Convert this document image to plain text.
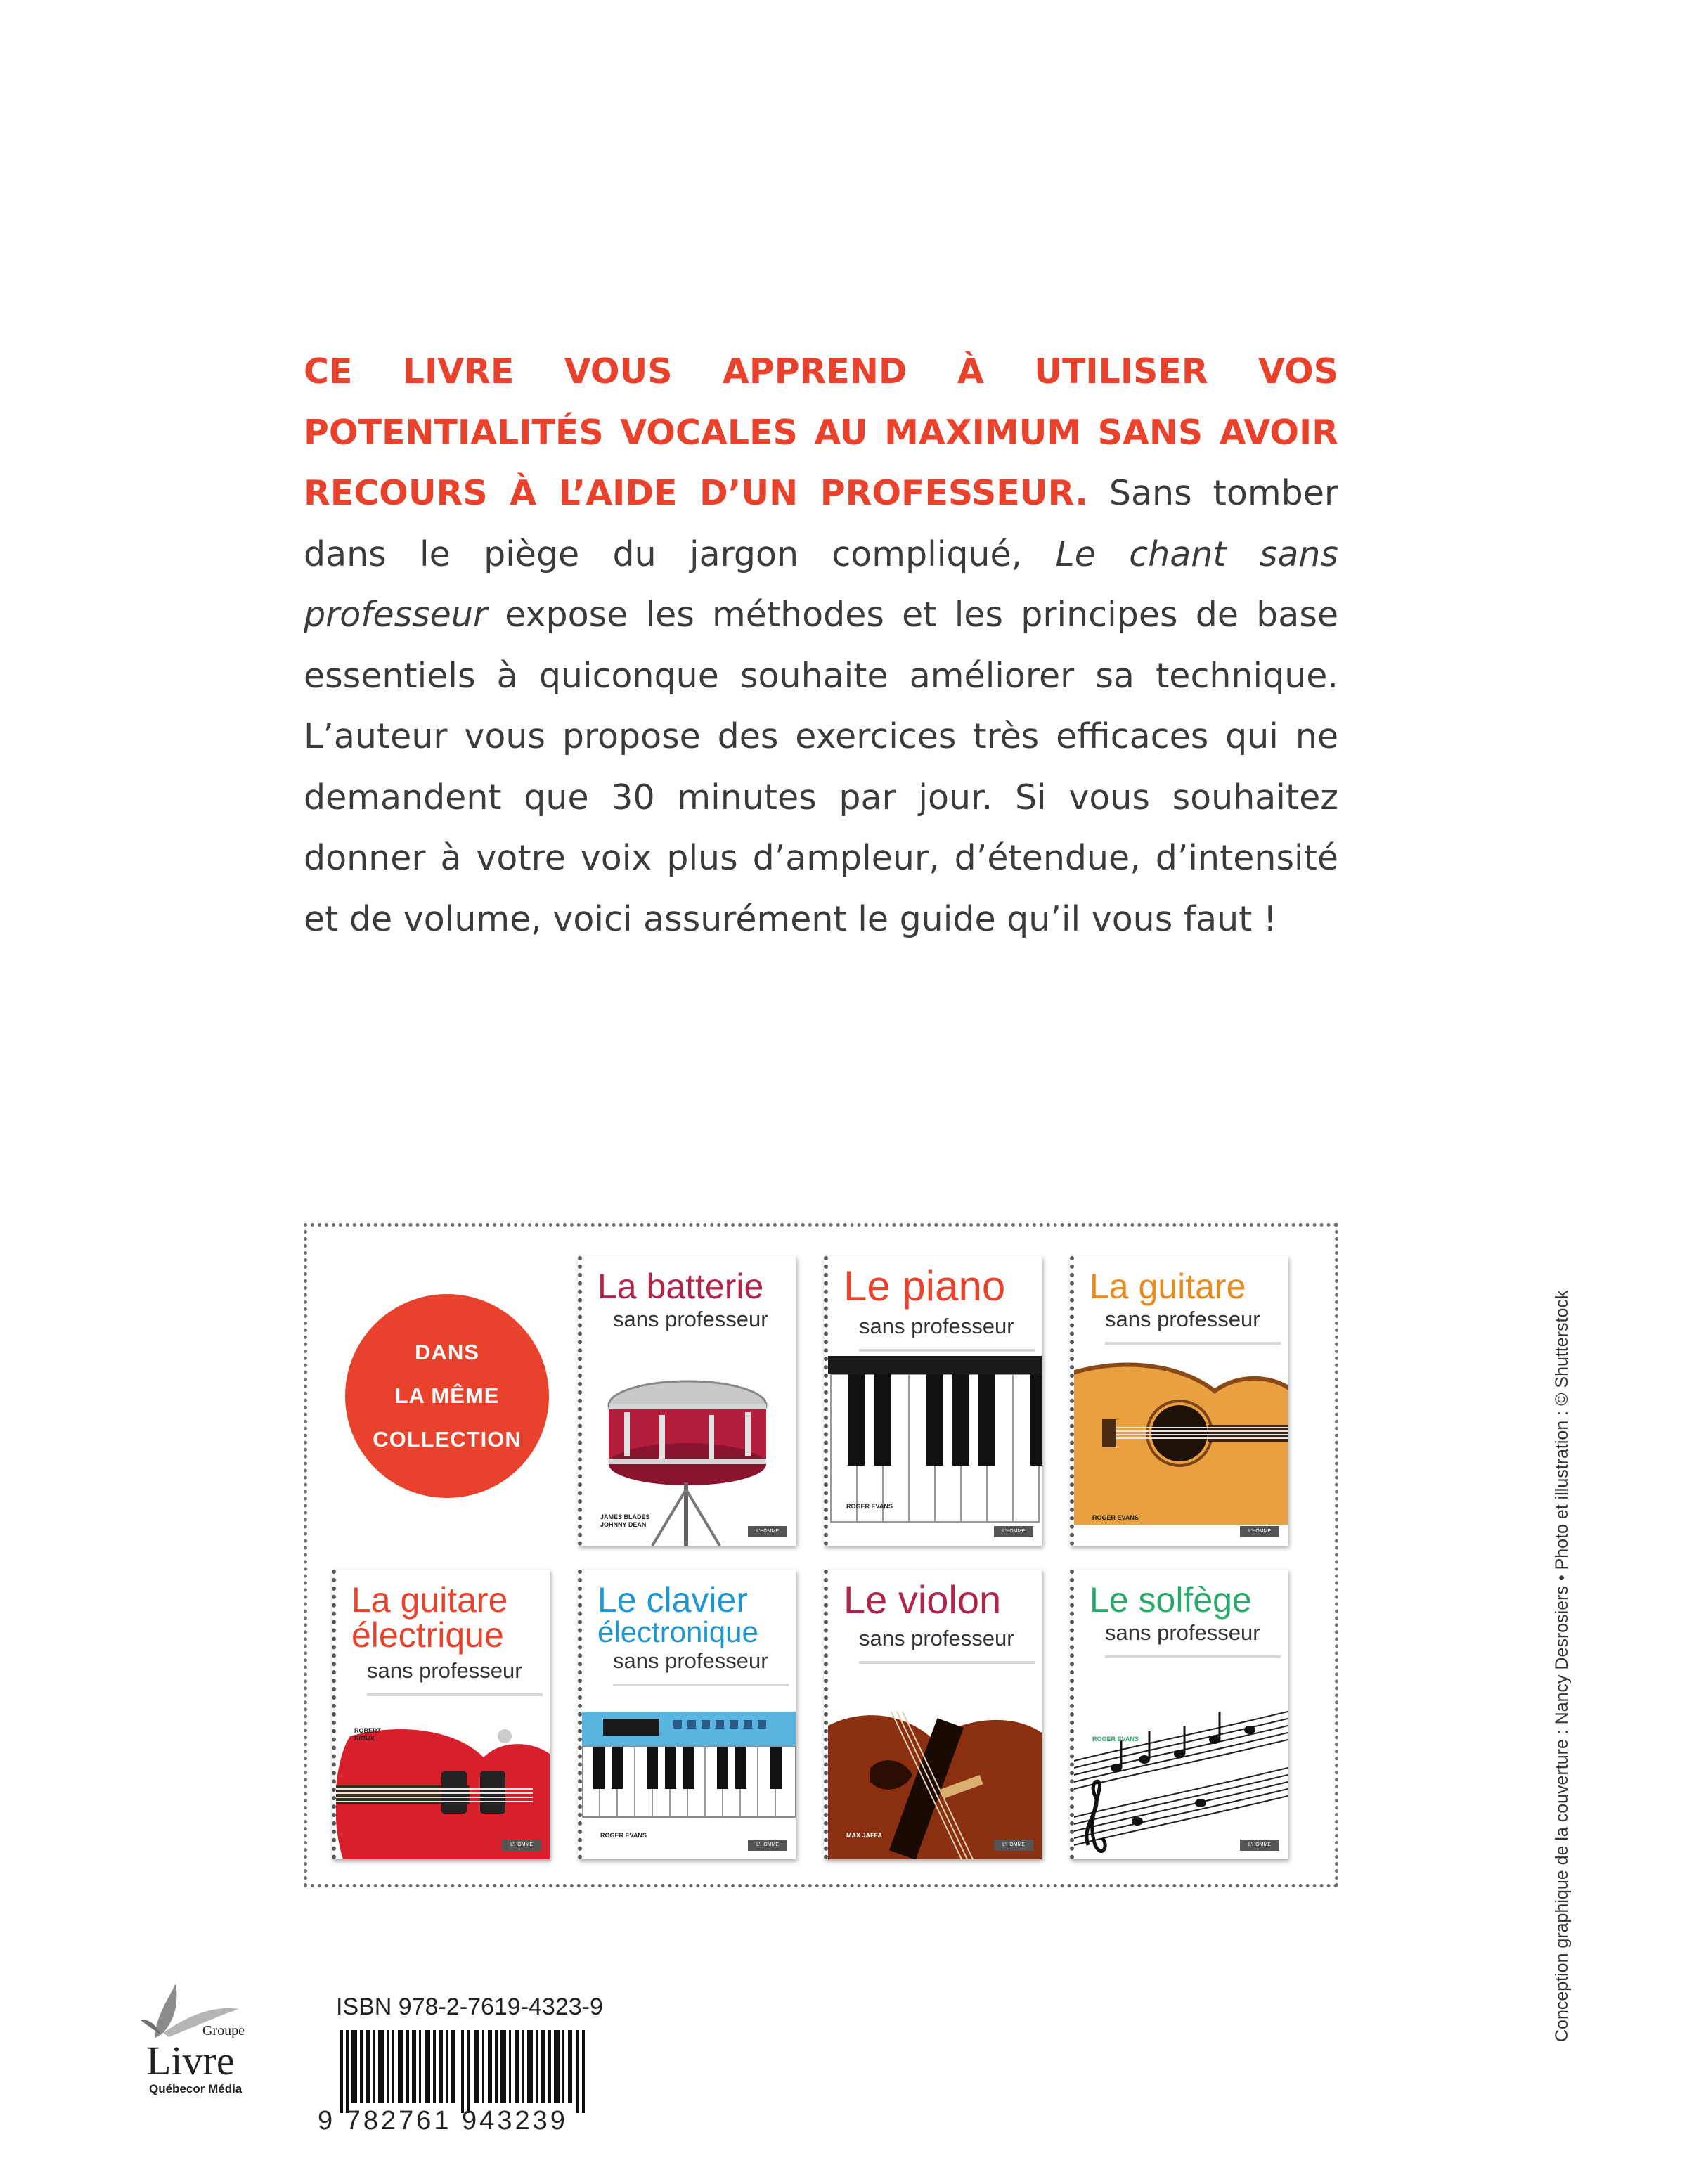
CE LIVRE VOUS APPREND À UTILISER VOS POTENTIALITÉS VOCALES AU MAXIMUM SANS AVOIR RECOURS À L’AIDE D’UN PROFESSEUR. Sans tomber dans le piège du jargon compliqué, Le chant sans professeur expose les méthodes et les principes de base essentiels à quiconque souhaite améliorer sa technique. L’auteur vous propose des exercices très efficaces qui ne demandent que 30 minutes par jour. Si vous souhaitez donner à votre voix plus d’ampleur, d’étendue, d’intensité et de volume, voici assurément le guide qu’il vous faut !

DANS
LA MÊME
COLLECTION
La batterie
sans professeur
JAMES BLADES
JOHNNY DEAN
L'HOMME
Le piano
sans professeur
ROGER EVANS
L'HOMME
La guitare
sans professeur
ROGER EVANS
L'HOMME
La guitare
électrique
sans professeur
ROBERT
RIOUX
L'HOMME
Le clavier
électronique
sans professeur
ROGER EVANS
L'HOMME
Le violon
sans professeur
MAX JAFFA
L'HOMME
Le solfège
sans professeur
ROGER EVANS
L'HOMME	Conception graphique de la couverture : Nancy Desrosiers • Photo et illustration : © Shutterstock
Groupe
Livre
Québecor Média
ISBN 978-2-7619-4323-9
9 782761 943239
